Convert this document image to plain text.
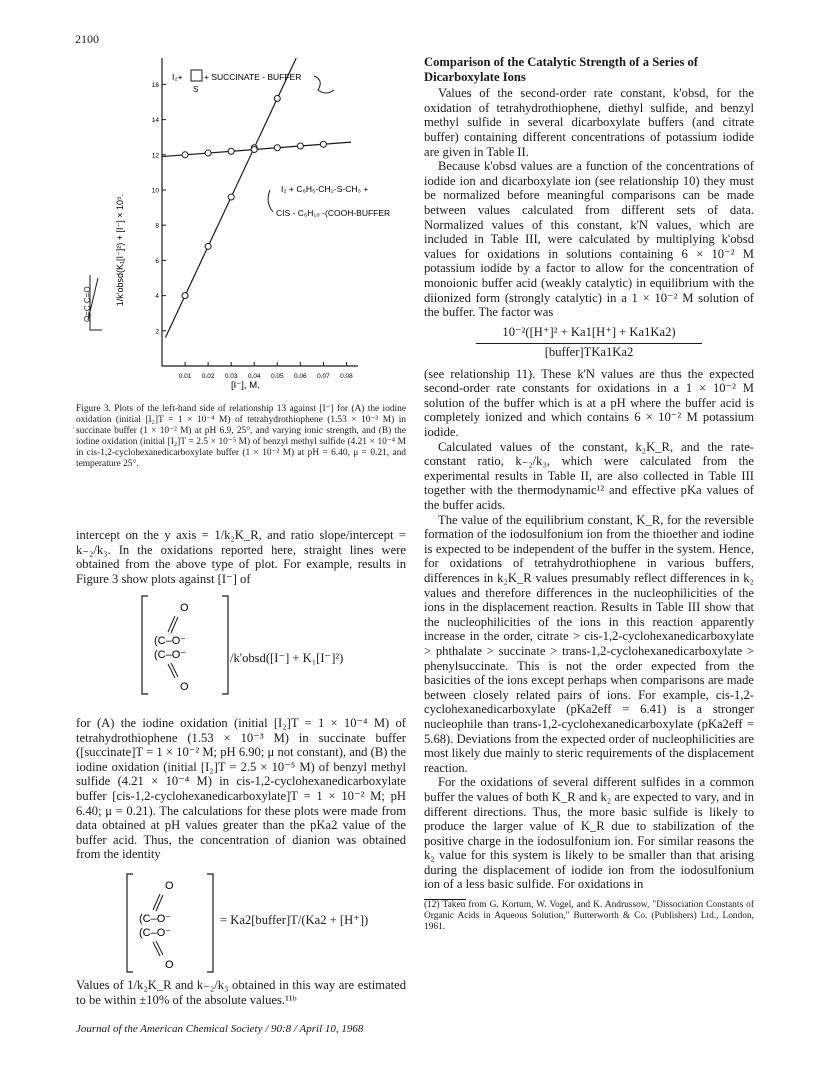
2100
1/k'obsd(K₁[I⁻]²) + [I⁻] × 10⁵.
O=C C=O
0.01 0.02 0.03 0.04 0.05 0.06 0.07 0.08
16
14
12
10
8
6
4
2
I₂+
S
+ SUCCINATE - BUFFER
I₂ + C₆H₅-CH₂-S-CH₃ +
CIS - C₆H₁₀ -(COOH-BUFFER
[I⁻], M.
Figure 3. Plots of the left-hand side of relationship 13 against [I⁻] for (A) the iodine oxidation (initial [I₂]T = 1 × 10⁻⁴ M) of tetrahydrothiophene (1.53 × 10⁻³ M) in succinate buffer (1 × 10⁻² M) at pH 6.9, 25°, and varying ionic strength, and (B) the iodine oxidation (initial [I₂]T = 2.5 × 10⁻⁵ M) of benzyl methyl sulfide (4.21 × 10⁻⁴ M in cis-1,2-cyclohexanedicarboxylate buffer (1 × 10⁻² M) at pH = 6.40, μ = 0.21, and temperature 25°.

intercept on the y axis = 1/k₂K_R, and ratio slope/intercept = k₋₂/k₃. In the oxidations reported here, straight lines were obtained from the above type of plot. For example, results in Figure 3 show plots against [I⁻] of

O
(C–O⁻
(C–O⁻
O
/k'obsd([I⁻] + K₁[I⁻]²)

for (A) the iodine oxidation (initial [I₂]T = 1 × 10⁻⁴ M) of tetrahydrothiophene (1.53 × 10⁻³ M) in succinate buffer ([succinate]T = 1 × 10⁻² M; pH 6.90; μ not constant), and (B) the iodine oxidation (initial [I₂]T = 2.5 × 10⁻⁵ M) of benzyl methyl sulfide (4.21 × 10⁻⁴ M) in cis-1,2-cyclohexanedicarboxylate buffer [cis-1,2-cyclohexanedicarboxylate]T = 1 × 10⁻² M; pH 6.40; μ = 0.21). The calculations for these plots were made from data obtained at pH values greater than the pKa2 value of the buffer acid. Thus, the concentration of dianion was obtained from the identity

O
(C–O⁻
(C–O⁻
O
= Ka2[buffer]T/(Ka2 + [H⁺])

Values of 1/k₂K_R and k₋₂/k₃ obtained in this way are estimated to be within ±10% of the absolute values.¹¹ᵇ

Comparison of the Catalytic Strength of a Series of Dicarboxylate Ions

Values of the second-order rate constant, k'obsd, for the oxidation of tetrahydrothiophene, diethyl sulfide, and benzyl methyl sulfide in several dicarboxylate buffers (and citrate buffer) containing different concentrations of potassium iodide are given in Table II.

Because k'obsd values are a function of the concentrations of iodide ion and dicarboxylate ion (see relationship 10) they must be normalized before meaningful comparisons can be made between values calculated from different sets of data. Normalized values of this constant, k'N values, which are included in Table III, were calculated by multiplying k'obsd values for oxidations in solutions containing 6 × 10⁻² M potassium iodide by a factor to allow for the concentration of monoionic buffer acid (weakly catalytic) in equilibrium with the diionized form (strongly catalytic) in a 1 × 10⁻² M solution of the buffer. The factor was

10⁻²([H⁺]² + Ka1[H⁺] + Ka1Ka2)
[buffer]TKa1Ka2

(see relationship 11). These k'N values are thus the expected second-order rate constants for oxidations in a 1 × 10⁻² M solution of the buffer which is at a pH where the buffer acid is completely ionized and which contains 6 × 10⁻² M potassium iodide.

Calculated values of the constant, k₂K_R, and the rate-constant ratio, k₋₂/k₃, which were calculated from the experimental results in Table II, are also collected in Table III together with the thermodynamic¹² and effective pKa values of the buffer acids.

The value of the equilibrium constant, K_R, for the reversible formation of the iodosulfonium ion from the thioether and iodine is expected to be independent of the buffer in the system. Hence, for oxidations of tetrahydrothiophene in various buffers, differences in k₂K_R values presumably reflect differences in k₂ values and therefore differences in the nucleophilicities of the ions in the displacement reaction. Results in Table III show that the nucleophilicities of the ions in this reaction apparently increase in the order, citrate > cis-1,2-cyclohexanedicarboxylate > phthalate > succinate > trans-1,2-cyclohexanedicarboxylate > phenylsuccinate. This is not the order expected from the basicities of the ions except perhaps when comparisons are made between closely related pairs of ions. For example, cis-1,2-cyclohexanedicarboxylate (pKa2eff = 6.41) is a stronger nucleophile than trans-1,2-cyclohexanedicarboxylate (pKa2eff = 5.68). Deviations from the expected order of nucleophilicities are most likely due mainly to steric requirements of the displacement reaction.

For the oxidations of several different sulfides in a common buffer the values of both K_R and k₂ are expected to vary, and in different directions. Thus, the more basic sulfide is likely to produce the larger value of K_R due to stabilization of the positive charge in the iodosulfonium ion. For similar reasons the k₂ value for this system is likely to be smaller than that arising during the displacement of iodide ion from the iodosulfonium ion of a less basic sulfide. For oxidations in

(12) Taken from G. Kortum, W. Vogel, and K. Andrussow, "Dissociation Constants of Organic Acids in Aqueous Solution," Butterworth & Co. (Publishers) Ltd., London, 1961.

Journal of the American Chemical Society / 90:8 / April 10, 1968
